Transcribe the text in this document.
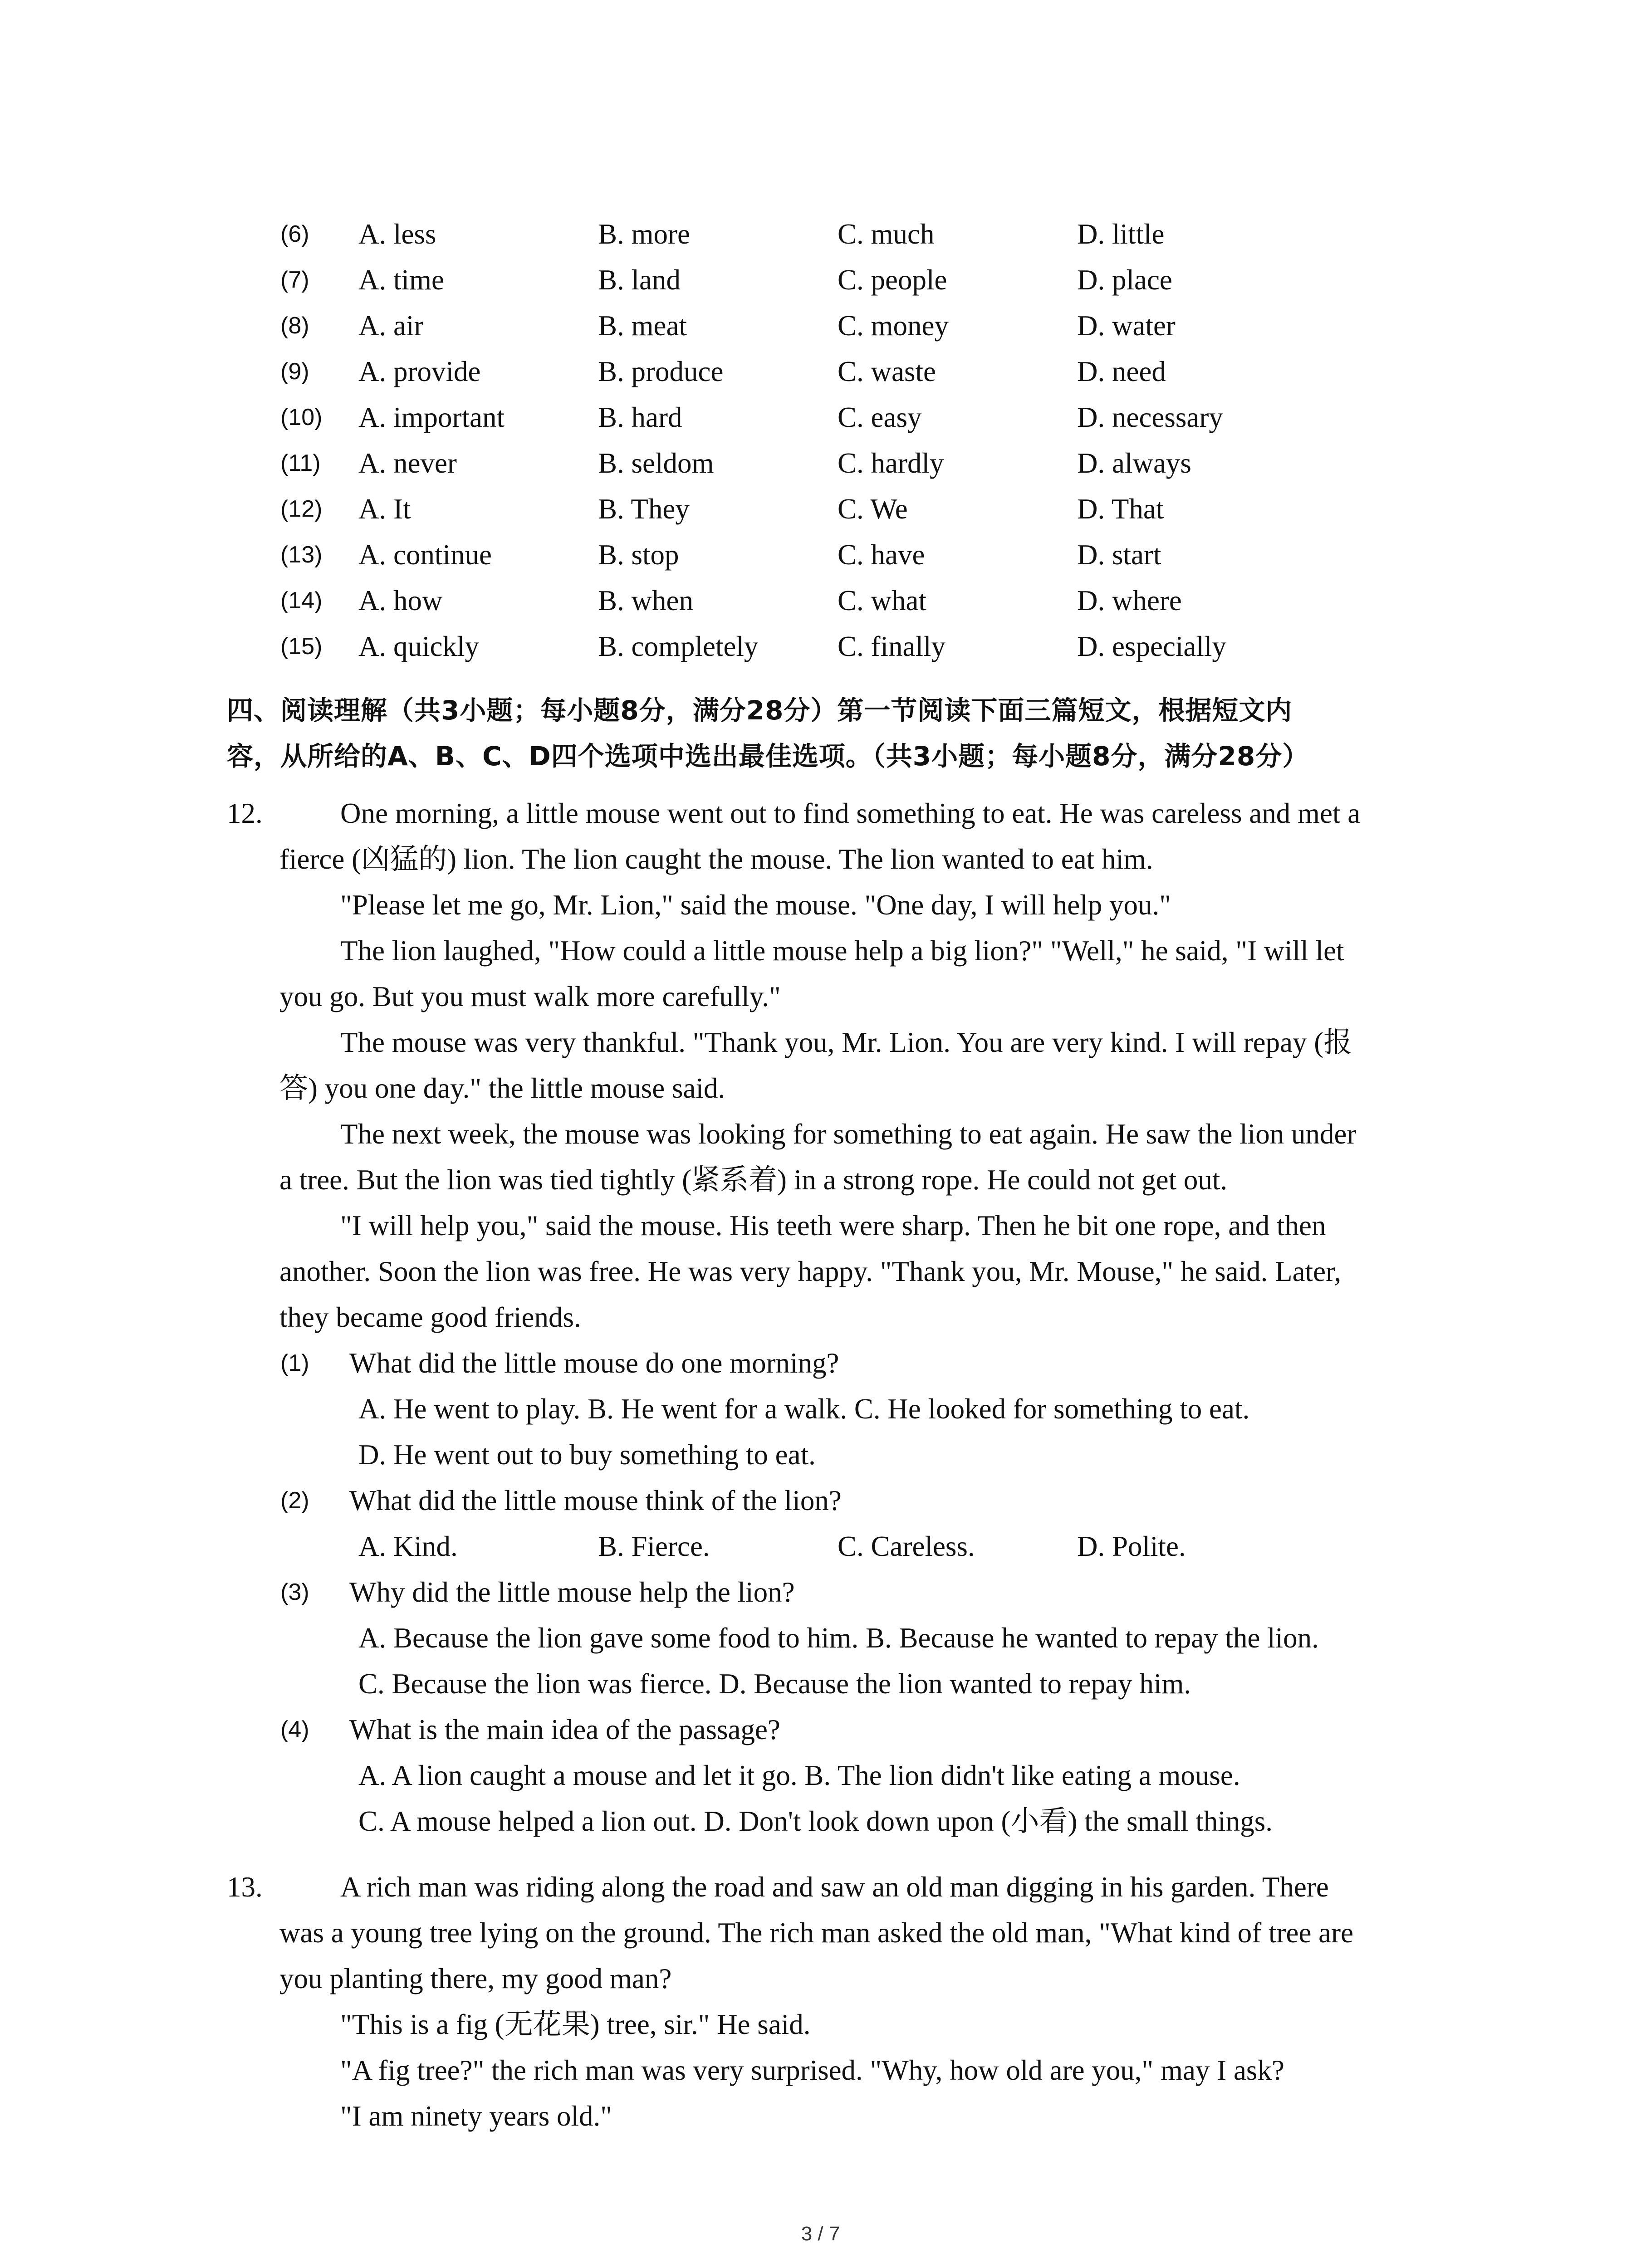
(6) A. less	B. more	C. much	D. little
(7) A. time	B. land	C. people	D. place
(8) A. air	B. meat	C. money	D. water
(9) A. provide	B. produce	C. waste	D. need
(10) A. important	B. hard	C. easy	D. necessary
(11) A. never	B. seldom	C. hardly	D. always
(12) A. It	B. They	C. We	D. That
(13) A. continue	B. stop	C. have	D. start
(14) A. how	B. when	C. what	D. where
(15) A. quickly	B. completely	C. finally	D. especially
四、阅读理解（共3小题；每小题8分，满分28分）第一节阅读下面三篇短文，根据短文内
容，从所给的A、B、C、D四个选项中选出最佳选项。（共3小题；每小题8分，满分28分）
12.	One morning, a little mouse went out to find something to eat. He was careless and met a
fierce (凶猛的) lion. The lion caught the mouse. The lion wanted to eat him.
"Please let me go, Mr. Lion," said the mouse. "One day, I will help you."
The lion laughed, "How could a little mouse help a big lion?" "Well," he said, "I will let
you go. But you must walk more carefully."
The mouse was very thankful. "Thank you, Mr. Lion. You are very kind. I will repay (报
答) you one day." the little mouse said.
The next week, the mouse was looking for something to eat again. He saw the lion under
a tree. But the lion was tied tightly (紧系着) in a strong rope. He could not get out.
"I will help you," said the mouse. His teeth were sharp. Then he bit one rope, and then
another. Soon the lion was free. He was very happy. "Thank you, Mr. Mouse," he said. Later,
they became good friends.
(1) What did the little mouse do one morning?
A. He went to play. B. He went for a walk. C. He looked for something to eat.
D. He went out to buy something to eat.
(2) What did the little mouse think of the lion?
A. Kind.	B. Fierce.	C. Careless.	D. Polite.
(3) Why did the little mouse help the lion?
A. Because the lion gave some food to him. B. Because he wanted to repay the lion.
C. Because the lion was fierce. D. Because the lion wanted to repay him.
(4) What is the main idea of the passage?
A. A lion caught a mouse and let it go. B. The lion didn't like eating a mouse.
C. A mouse helped a lion out. D. Don't look down upon (小看) the small things.
13.	A rich man was riding along the road and saw an old man digging in his garden. There
was a young tree lying on the ground. The rich man asked the old man, "What kind of tree are
you planting there, my good man?
"This is a fig (无花果) tree, sir." He said.
"A fig tree?" the rich man was very surprised. "Why, how old are you," may I ask?
"I am ninety years old."
3 / 7
